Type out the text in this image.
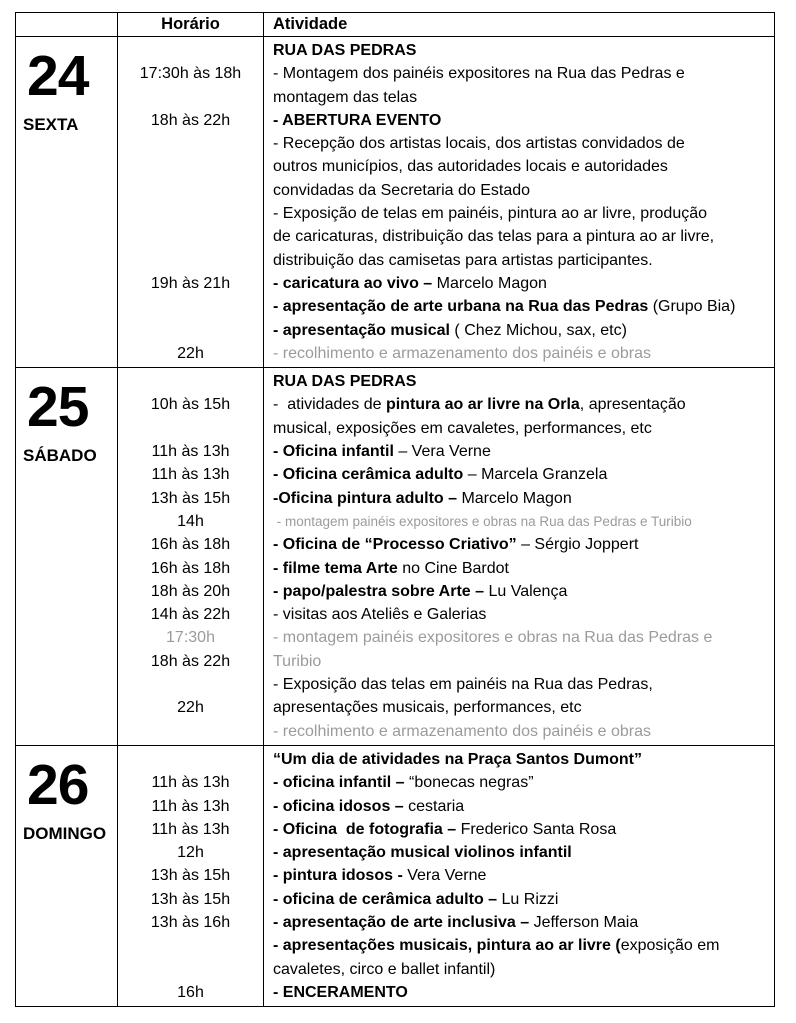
Horário	Atividade
24
SEXTA

17:30h às 18h

18h às 22h

19h às 21h

22h
RUA DAS PEDRAS
- Montagem dos painéis expositores na Rua das Pedras e
montagem das telas
- ABERTURA EVENTO
- Recepção dos artistas locais, dos artistas convidados de
outros municípios, das autoridades locais e autoridades
convidadas da Secretaria do Estado
- Exposição de telas em painéis, pintura ao ar livre, produção
de caricaturas, distribuição das telas para a pintura ao ar livre,
distribuição das camisetas para artistas participantes.
- caricatura ao vivo – Marcelo Magon
- apresentação de arte urbana na Rua das Pedras (Grupo Bia)
- apresentação musical ( Chez Michou, sax, etc)
- recolhimento e armazenamento dos painéis e obras
25
SÁBADO

10h às 15h

11h às 13h
11h às 13h
13h às 15h
14h
16h às 18h
16h às 18h
18h às 20h
14h às 22h
17:30h
18h às 22h

22h

RUA DAS PEDRAS
-  atividades de pintura ao ar livre na Orla, apresentação
musical, exposições em cavaletes, performances, etc
- Oficina infantil – Vera Verne
- Oficina cerâmica adulto – Marcela Granzela
-Oficina pintura adulto – Marcelo Magon
- montagem painéis expositores e obras na Rua das Pedras e Turibio
- Oficina de “Processo Criativo” – Sérgio Joppert
- filme tema Arte no Cine Bardot
- papo/palestra sobre Arte – Lu Valença
- visitas aos Ateliês e Galerias
- montagem painéis expositores e obras na Rua das Pedras e
Turibio
- Exposição das telas em painéis na Rua das Pedras,
apresentações musicais, performances, etc
- recolhimento e armazenamento dos painéis e obras
26
DOMINGO

11h às 13h
11h às 13h
11h às 13h
12h
13h às 15h
13h às 15h
13h às 16h

16h
“Um dia de atividades na Praça Santos Dumont”
- oficina infantil – “bonecas negras”
- oficina idosos – cestaria
- Oficina  de fotografia – Frederico Santa Rosa
- apresentação musical violinos infantil
- pintura idosos - Vera Verne
- oficina de cerâmica adulto – Lu Rizzi
- apresentação de arte inclusiva – Jefferson Maia
- apresentações musicais, pintura ao ar livre (exposição em
cavaletes, circo e ballet infantil)
- ENCERAMENTO
